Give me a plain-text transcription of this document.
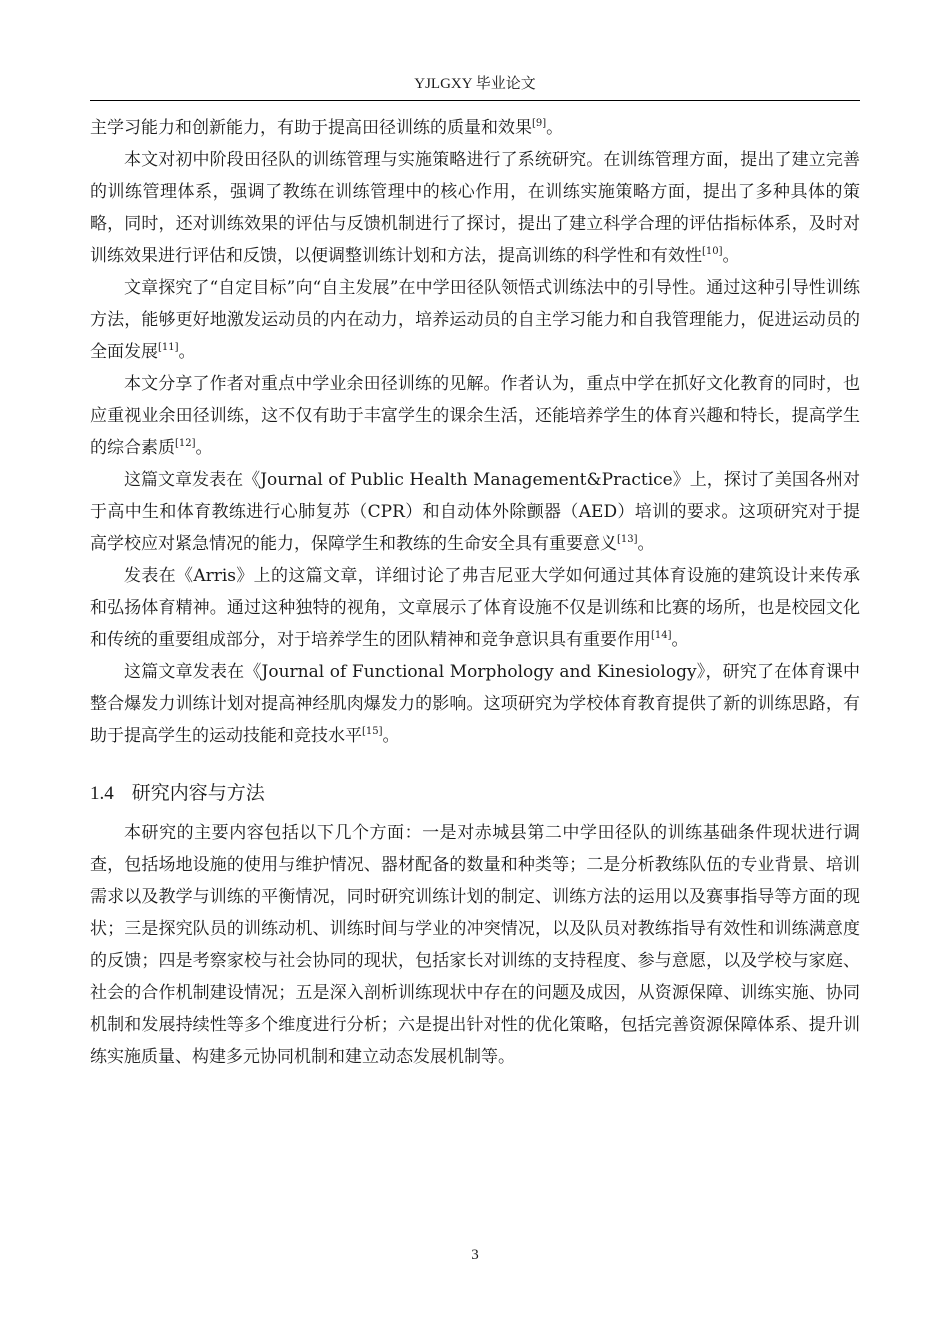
YJLGXY 毕业论文

主学习能力和创新能力，有助于提高田径训练的质量和效果[9]。

本文对初中阶段田径队的训练管理与实施策略进行了系统研究。在训练管理方面，提出了建立完善的训练管理体系，强调了教练在训练管理中的核心作用，在训练实施策略方面，提出了多种具体的策略，同时，还对训练效果的评估与反馈机制进行了探讨，提出了建立科学合理的评估指标体系，及时对训练效果进行评估和反馈，以便调整训练计划和方法，提高训练的科学性和有效性[10]。

文章探究了“自定目标”向“自主发展”在中学田径队领悟式训练法中的引导性。通过这种引导性训练方法，能够更好地激发运动员的内在动力，培养运动员的自主学习能力和自我管理能力，促进运动员的全面发展[11]。

本文分享了作者对重点中学业余田径训练的见解。作者认为，重点中学在抓好文化教育的同时，也应重视业余田径训练，这不仅有助于丰富学生的课余生活，还能培养学生的体育兴趣和特长，提高学生的综合素质[12]。

这篇文章发表在《Journal of Public Health Management&Practice》上，探讨了美国各州对于高中生和体育教练进行心肺复苏（CPR）和自动体外除颤器（AED）培训的要求。这项研究对于提高学校应对紧急情况的能力，保障学生和教练的生命安全具有重要意义[13]。

发表在《Arris》上的这篇文章，详细讨论了弗吉尼亚大学如何通过其体育设施的建筑设计来传承和弘扬体育精神。通过这种独特的视角，文章展示了体育设施不仅是训练和比赛的场所，也是校园文化和传统的重要组成部分，对于培养学生的团队精神和竞争意识具有重要作用[14]。

这篇文章发表在《Journal of Functional Morphology and Kinesiology》，研究了在体育课中整合爆发力训练计划对提高神经肌肉爆发力的影响。这项研究为学校体育教育提供了新的训练思路，有助于提高学生的运动技能和竞技水平[15]。

1.4 研究内容与方法

本研究的主要内容包括以下几个方面：一是对赤城县第二中学田径队的训练基础条件现状进行调查，包括场地设施的使用与维护情况、器材配备的数量和种类等；二是分析教练队伍的专业背景、培训需求以及教学与训练的平衡情况，同时研究训练计划的制定、训练方法的运用以及赛事指导等方面的现状；三是探究队员的训练动机、训练时间与学业的冲突情况，以及队员对教练指导有效性和训练满意度的反馈；四是考察家校与社会协同的现状，包括家长对训练的支持程度、参与意愿，以及学校与家庭、社会的合作机制建设情况；五是深入剖析训练现状中存在的问题及成因，从资源保障、训练实施、协同机制和发展持续性等多个维度进行分析；六是提出针对性的优化策略，包括完善资源保障体系、提升训练实施质量、构建多元协同机制和建立动态发展机制等。

3
